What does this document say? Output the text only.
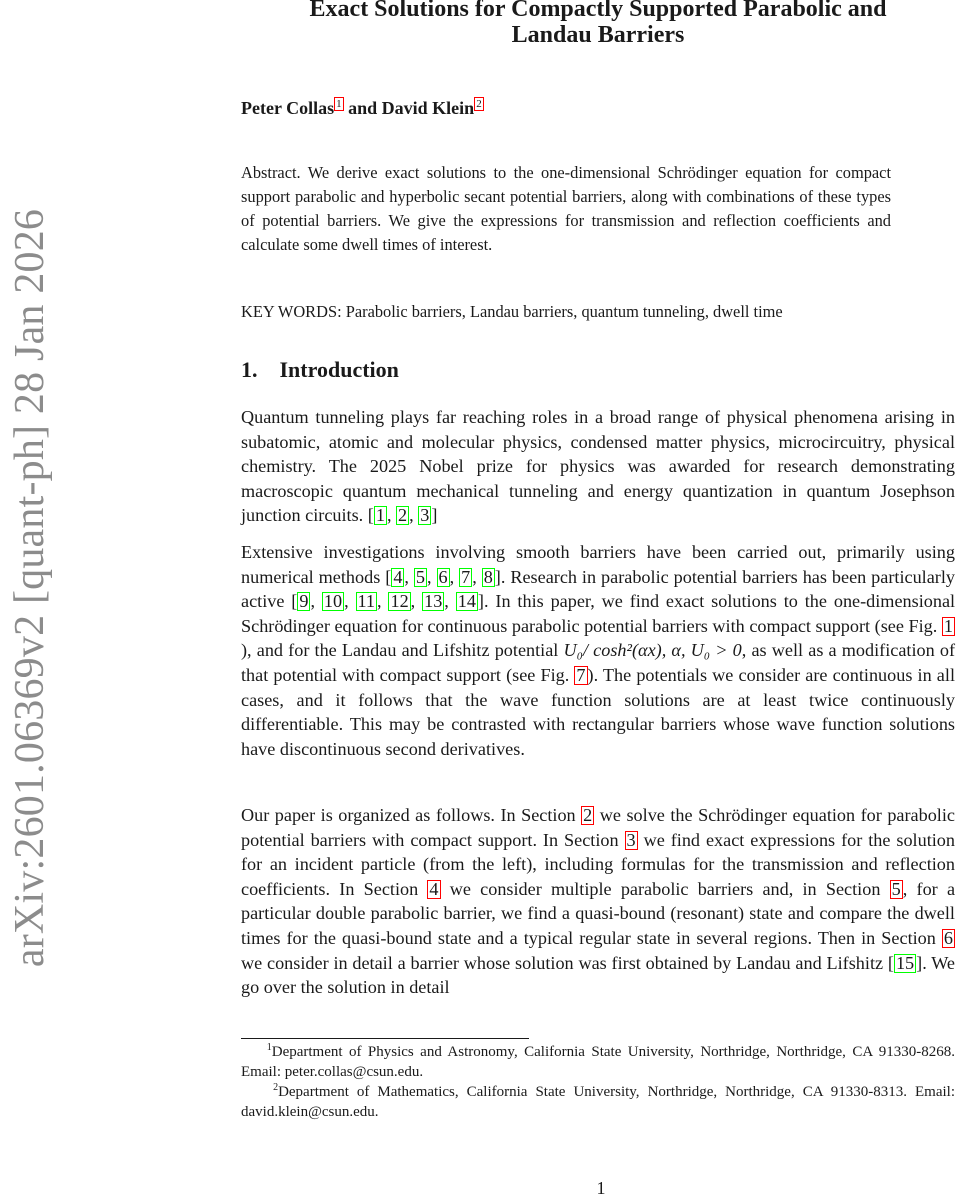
arXiv:2601.06369v2 [quant-ph] 28 Jan 2026
Exact Solutions for Compactly Supported Parabolic and
Landau Barriers
Peter Collas 1 and David Klein 2
Abstract. We derive exact solutions to the one-dimensional Schrödinger equation for compact support parabolic and hyperbolic secant potential barriers, along with combinations of these types of potential barriers. We give the expressions for transmission and reflection coefficients and calculate some dwell times of interest.
KEY WORDS: Parabolic barriers, Landau barriers, quantum tunneling, dwell time
1. Introduction
Quantum tunneling plays far reaching roles in a broad range of physical phenomena arising in subatomic, atomic and molecular physics, condensed matter physics, microcircuitry, physical chemistry. The 2025 Nobel prize for physics was awarded for research demonstrating macroscopic quantum mechanical tunneling and energy quantization in quantum Josephson junction circuits. [ 1 , 2 , 3 ]
Extensive investigations involving smooth barriers have been carried out, primarily using numerical methods [ 4 , 5 , 6 , 7 , 8 ]. Research in parabolic potential barriers has been particularly active [ 9 , 10 , 11 , 12 , 13 , 14 ]. In this paper, we find exact solutions to the one-dimensional Schrödinger equation for continuous parabolic potential barriers with compact support (see Fig. 1), and for the Landau and Lifshitz potential U₀/ cosh²(αx), α, U₀ > 0, as well as a modification of that potential with compact support (see Fig. 7 ). The potentials we consider are continuous in all cases, and it follows that the wave function solutions are at least twice continuously differentiable. This may be contrasted with rectangular barriers whose wave function solutions have discontinuous second derivatives.
Our paper is organized as follows. In Section 2 we solve the Schrödinger equation for parabolic potential barriers with compact support. In Section 3 we find exact expressions for the solution for an incident particle (from the left), including formulas for the transmission and reflection coefficients. In Section 4 we consider multiple parabolic barriers and, in Section 5 , for a particular double parabolic barrier, we find a quasi-bound (resonant) state and compare the dwell times for the quasi-bound state and a typical regular state in several regions. Then in Section 6 we consider in detail a barrier whose solution was first obtained by Landau and Lifshitz [ 15 ]. We go over the solution in detail
$^1$Department of Physics and Astronomy, California State University, Northridge, Northridge, CA 91330-8268. Email: peter.collas@csun.edu.
$^2$Department of Mathematics, California State University, Northridge, Northridge, CA 91330-8313. Email: david.klein@csun.edu.
1
